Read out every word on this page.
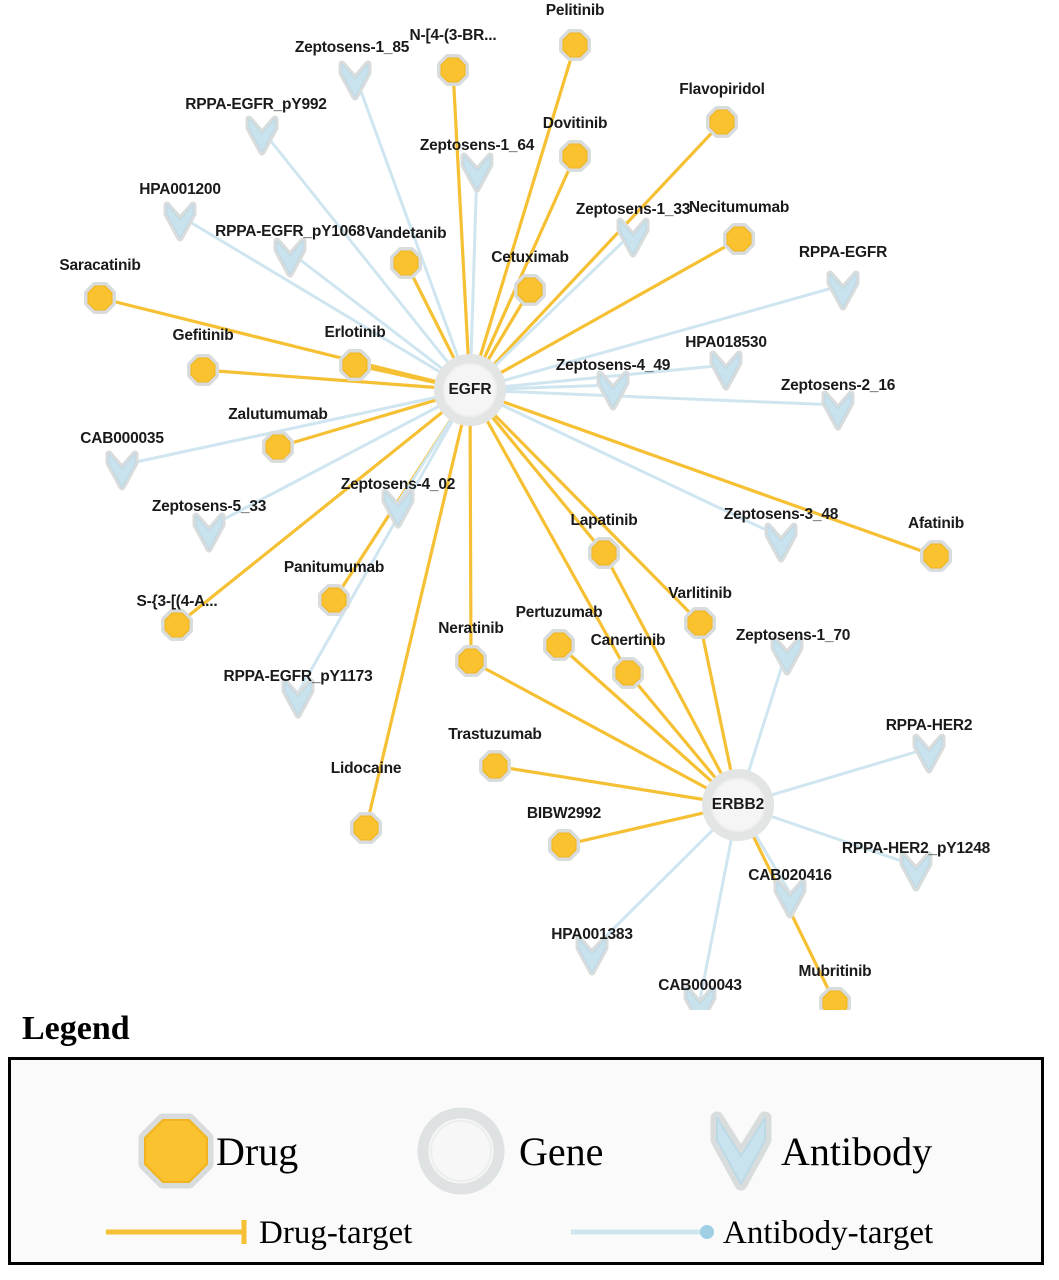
Pelitinib
N-[4-(3-BR...
Flavopiridol
Dovitinib
Vandetanib
Necitumumab
Cetuximab
Saracatinib
Gefitinib	Erlotinib
Zalutumumab
Afatinib
Lapatinib
Varlitinib
Panitumumab
S-{3-[(4-A...
Pertuzumab
Neratinib
Canertinib
Trastuzumab
Lidocaine
BIBW2992
Mubritinib
Zeptosens-1_85
RPPA-EGFR_pY992
Zeptosens-1_64
HPA001200
Zeptosens-1_33
RPPA-EGFR_pY1068
RPPA-EGFR
HPA018530
Zeptosens-4_49
Zeptosens-2_16
CAB000035
Zeptosens-4_02
Zeptosens-5_33	Zeptosens-3_48
Zeptosens-1_70
RPPA-EGFR_pY1173
RPPA-HER2
RPPA-HER2_pY1248
CAB020416
HPA001383
CAB000043
EGFR
ERBB2
Legend
Drug	Gene	Antibody
Drug-target	Antibody-target
